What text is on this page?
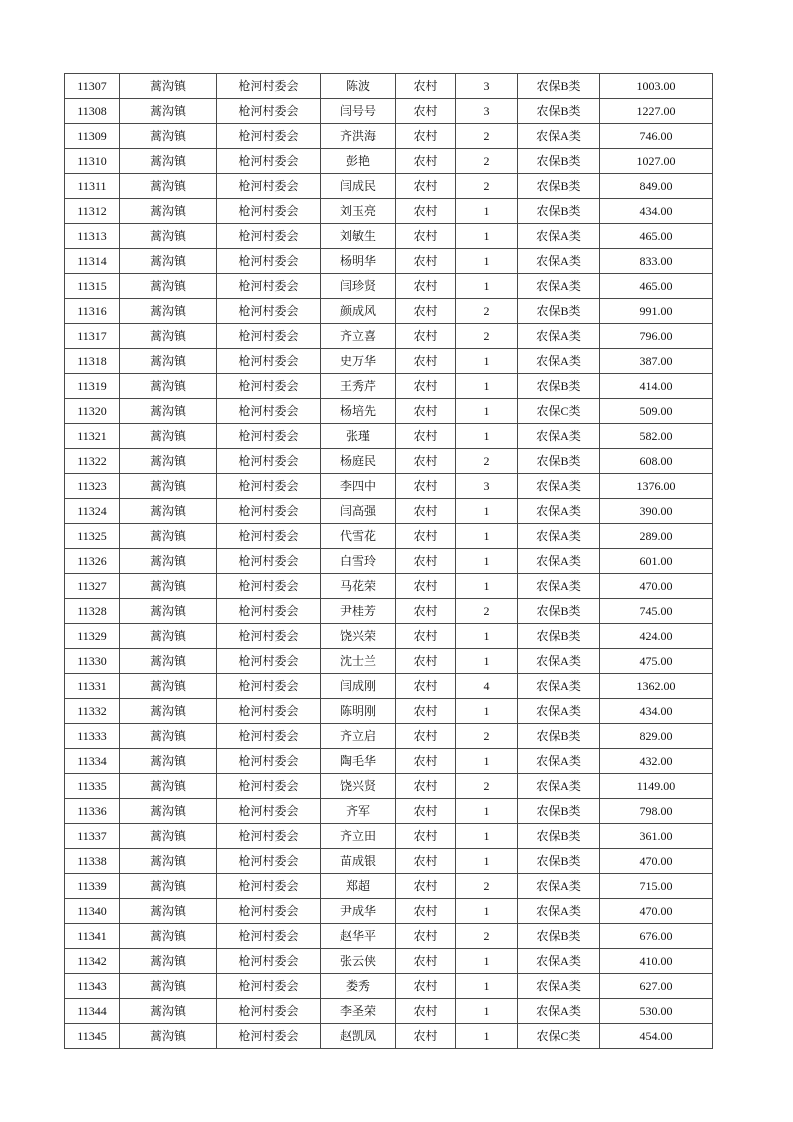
11307	蒿沟镇	枪河村委会	陈波	农村	3	农保B类	1003.00
11308	蒿沟镇	枪河村委会	闫号号	农村	3	农保B类	1227.00
11309	蒿沟镇	枪河村委会	齐洪海	农村	2	农保A类	746.00
11310	蒿沟镇	枪河村委会	彭艳	农村	2	农保B类	1027.00
11311	蒿沟镇	枪河村委会	闫成民	农村	2	农保B类	849.00
11312	蒿沟镇	枪河村委会	刘玉亮	农村	1	农保B类	434.00
11313	蒿沟镇	枪河村委会	刘敏生	农村	1	农保A类	465.00
11314	蒿沟镇	枪河村委会	杨明华	农村	1	农保A类	833.00
11315	蒿沟镇	枪河村委会	闫珍贤	农村	1	农保A类	465.00
11316	蒿沟镇	枪河村委会	颜成风	农村	2	农保B类	991.00
11317	蒿沟镇	枪河村委会	齐立喜	农村	2	农保A类	796.00
11318	蒿沟镇	枪河村委会	史万华	农村	1	农保A类	387.00
11319	蒿沟镇	枪河村委会	王秀芹	农村	1	农保B类	414.00
11320	蒿沟镇	枪河村委会	杨培先	农村	1	农保C类	509.00
11321	蒿沟镇	枪河村委会	张瑾	农村	1	农保A类	582.00
11322	蒿沟镇	枪河村委会	杨庭民	农村	2	农保B类	608.00
11323	蒿沟镇	枪河村委会	李四中	农村	3	农保A类	1376.00
11324	蒿沟镇	枪河村委会	闫高强	农村	1	农保A类	390.00
11325	蒿沟镇	枪河村委会	代雪花	农村	1	农保A类	289.00
11326	蒿沟镇	枪河村委会	白雪玲	农村	1	农保A类	601.00
11327	蒿沟镇	枪河村委会	马花荣	农村	1	农保A类	470.00
11328	蒿沟镇	枪河村委会	尹桂芳	农村	2	农保B类	745.00
11329	蒿沟镇	枪河村委会	饶兴荣	农村	1	农保B类	424.00
11330	蒿沟镇	枪河村委会	沈士兰	农村	1	农保A类	475.00
11331	蒿沟镇	枪河村委会	闫成刚	农村	4	农保A类	1362.00
11332	蒿沟镇	枪河村委会	陈明刚	农村	1	农保A类	434.00
11333	蒿沟镇	枪河村委会	齐立启	农村	2	农保B类	829.00
11334	蒿沟镇	枪河村委会	陶毛华	农村	1	农保A类	432.00
11335	蒿沟镇	枪河村委会	饶兴贤	农村	2	农保A类	1149.00
11336	蒿沟镇	枪河村委会	齐军	农村	1	农保B类	798.00
11337	蒿沟镇	枪河村委会	齐立田	农村	1	农保B类	361.00
11338	蒿沟镇	枪河村委会	苗成银	农村	1	农保B类	470.00
11339	蒿沟镇	枪河村委会	郑超	农村	2	农保A类	715.00
11340	蒿沟镇	枪河村委会	尹成华	农村	1	农保A类	470.00
11341	蒿沟镇	枪河村委会	赵华平	农村	2	农保B类	676.00
11342	蒿沟镇	枪河村委会	张云侠	农村	1	农保A类	410.00
11343	蒿沟镇	枪河村委会	娄秀	农村	1	农保A类	627.00
11344	蒿沟镇	枪河村委会	李圣荣	农村	1	农保A类	530.00
11345	蒿沟镇	枪河村委会	赵凯凤	农村	1	农保C类	454.00
